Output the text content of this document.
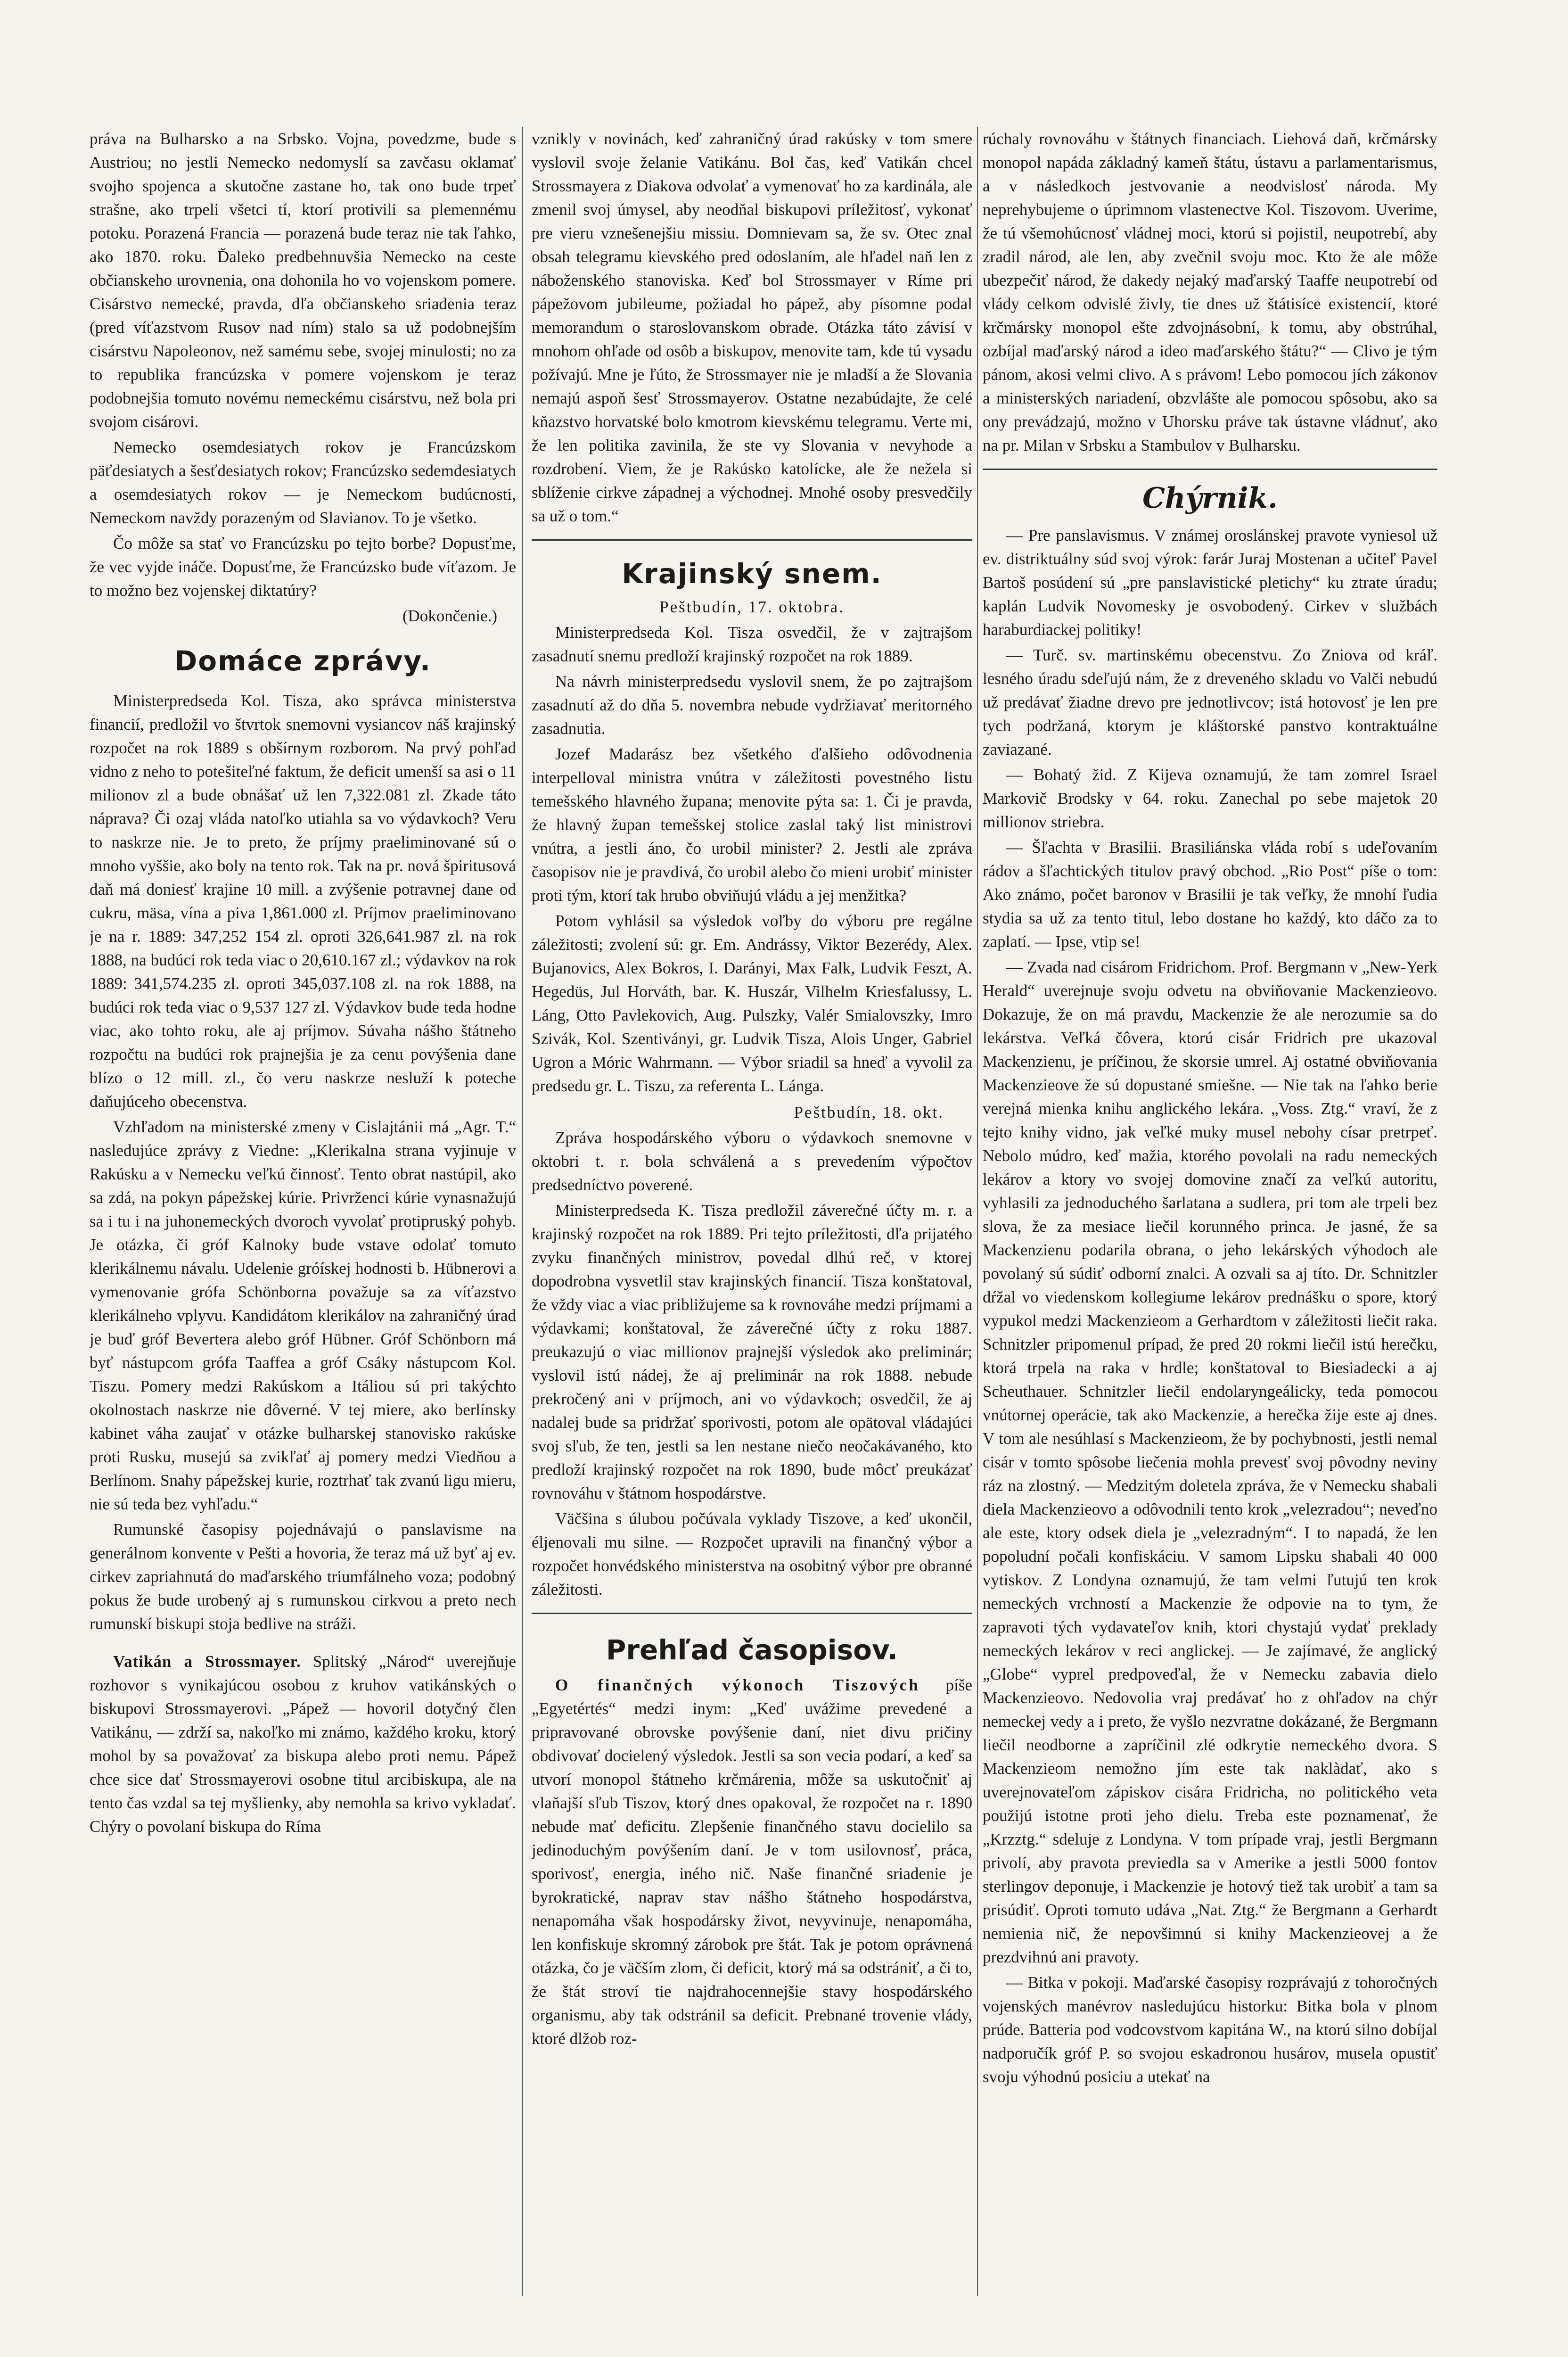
práva na Bulharsko a na Srbsko. Vojna, povedzme, bude s Austriou; no jestli Nemecko nedomyslí sa zavčasu oklamať svojho spojenca a skutočne zastane ho, tak ono bude trpeť strašne, ako trpeli všetci tí, ktorí protivili sa plemennému potoku. Porazená Francia — porazená bude teraz nie tak ľahko, ako 1870. roku. Ďaleko predbehnuvšia Nemecko na ceste občianskeho urovnenia, ona dohonila ho vo vojenskom pomere. Cisárstvo nemecké, pravda, dľa občianskeho sriadenia teraz (pred víťazstvom Rusov nad ním) stalo sa už podobnejším cisárstvu Napoleonov, než samému sebe, svojej minulosti; no za to republika francúzska v pomere vojenskom je teraz podobnejšia tomuto novému nemeckému cisárstvu, než bola pri svojom cisárovi.

Nemecko osemdesiatych rokov je Francúzskom päťdesiatych a šesťdesiatych rokov; Francúzsko sedemdesiatych a osemdesiatych rokov — je Nemeckom budúcnosti, Nemeckom navždy porazeným od Slavianov. To je všetko.

Čo môže sa stať vo Francúzsku po tejto borbe? Dopusťme, že vec vyjde ináče. Dopusťme, že Francúzsko bude víťazom. Je to možno bez vojenskej diktatúry?

(Dokončenie.)

Domáce zprávy.

Ministerpredseda Kol. Tisza, ako správca ministerstva financií, predložil vo štvrtok snemovni vysiancov náš krajinský rozpočet na rok 1889 s obšírnym rozborom. Na prvý pohľad vidno z neho to potešiteľné faktum, že deficit umenší sa asi o 11 milionov zl a bude obnášať už len 7,322.081 zl. Zkade táto náprava? Či ozaj vláda natoľko utiahla sa vo výdavkoch? Veru to naskrze nie. Je to preto, že príjmy praeliminované sú o mnoho vyššie, ako boly na tento rok. Tak na pr. nová špiritusová daň má doniesť krajine 10 mill. a zvýšenie potravnej dane od cukru, mäsa, vína a piva 1,861.000 zl. Príjmov praeliminovano je na r. 1889: 347,252 154 zl. oproti 326,641.987 zl. na rok 1888, na budúci rok teda viac o 20,610.167 zl.; výdavkov na rok 1889: 341,574.235 zl. oproti 345,037.108 zl. na rok 1888, na budúci rok teda viac o 9,537 127 zl. Výdavkov bude teda hodne viac, ako tohto roku, ale aj príjmov. Súvaha nášho štátneho rozpočtu na budúci rok prajnejšia je za cenu povýšenia dane blízo o 12 mill. zl., čo veru naskrze nesluží k poteche daňujúceho obecenstva.

Vzhľadom na ministerské zmeny v Cislajtánii má „Agr. T.“ nasledujúce zprávy z Viedne: „Klerikalna strana vyjinuje v Rakúsku a v Nemecku veľkú činnosť. Tento obrat nastúpil, ako sa zdá, na pokyn pápežskej kúrie. Privrženci kúrie vynasnažujú sa i tu i na juhonemeckých dvoroch vyvolať protipruský pohyb. Je otázka, či gróf Kalnoky bude vstave odolať tomuto klerikálnemu návalu. Udelenie gróískej hodnosti b. Hübnerovi a vymenovanie grófa Schönborna považuje sa za víťazstvo klerikálneho vplyvu. Kandidátom klerikálov na zahraničný úrad je buď gróf Bevertera alebo gróf Hübner. Gróf Schönborn má byť nástupcom grófa Taaffea a gróf Csáky nástupcom Kol. Tiszu. Pomery medzi Rakúskom a Itáliou sú pri takýchto okolnostach naskrze nie dôverné. V tej miere, ako berlínsky kabinet váha zaujať v otázke bulharskej stanovisko rakúske proti Rusku, musejú sa zvikľať aj pomery medzi Viedňou a Berlínom. Snahy pápežskej kurie, roztrhať tak zvanú ligu mieru, nie sú teda bez vyhľadu.“

Rumunské časopisy pojednávajú o panslavisme na generálnom konvente v Pešti a hovoria, že teraz má už byť aj ev. cirkev zapriahnutá do maďarského triumfálneho voza; podobný pokus že bude urobený aj s rumunskou cirkvou a preto nech rumunskí biskupi stoja bedlive na stráži.

Vatikán a Strossmayer. Splitský „Národ“ uverejňuje rozhovor s vynikajúcou osobou z kruhov vatikánských o biskupovi Strossmayerovi. „Pápež — hovoril dotyčný člen Vatikánu, — zdrží sa, nakoľko mi známo, každého kroku, ktorý mohol by sa považovať za biskupa alebo proti nemu. Pápež chce sice dať Strossmayerovi osobne titul arcibiskupa, ale na tento čas vzdal sa tej myšlienky, aby nemohla sa krivo vykladať. Chýry o povolaní biskupa do Ríma

vznikly v novinách, keď zahraničný úrad rakúsky v tom smere vyslovil svoje želanie Vatikánu. Bol čas, keď Vatikán chcel Strossmayera z Diakova odvolať a vymenovať ho za kardinála, ale zmenil svoj úmysel, aby neodňal biskupovi príležitosť, vykonať pre vieru vznešenejšiu missiu. Domnievam sa, že sv. Otec znal obsah telegramu kievského pred odoslaním, ale hľadel naň len z náboženského stanoviska. Keď bol Strossmayer v Ríme pri pápežovom jubileume, požiadal ho pápež, aby písomne podal memorandum o staroslovanskom obrade. Otázka táto závisí v mnohom ohľade od osôb a biskupov, menovite tam, kde tú vysadu požívajú. Mne je ľúto, že Strossmayer nie je mladší a že Slovania nemajú aspoň šesť Strossmayerov. Ostatne nezabúdajte, že celé kňazstvo horvatské bolo kmotrom kievskému telegramu. Verte mi, že len politika zavinila, že ste vy Slovania v nevyhode a rozdrobení. Viem, že je Rakúsko katolícke, ale že nežela si sblíženie cirkve západnej a východnej. Mnohé osoby presvedčily sa už o tom.“

Krajinský snem.
Peštbudín, 17. oktobra.

Ministerpredseda Kol. Tisza osvedčil, že v zajtrajšom zasadnutí snemu predloží krajinský rozpočet na rok 1889.

Na návrh ministerpredsedu vyslovil snem, že po zajtrajšom zasadnutí až do dňa 5. novembra nebude vydržiavať meritorného zasadnutia.

Jozef Madarász bez všetkého ďalšieho odôvodnenia interpelloval ministra vnútra v záležitosti povestného listu temešského hlavného župana; menovite pýta sa: 1. Či je pravda, že hlavný župan temešskej stolice zaslal taký list ministrovi vnútra, a jestli áno, čo urobil minister? 2. Jestli ale zpráva časopisov nie je pravdivá, čo urobil alebo čo mieni urobiť minister proti tým, ktorí tak hrubo obviňujú vládu a jej menžitka?

Potom vyhlásil sa výsledok voľby do výboru pre regálne záležitosti; zvolení sú: gr. Em. Andrássy, Viktor Bezerédy, Alex. Bujanovics, Alex Bokros, I. Darányi, Max Falk, Ludvik Feszt, A. Hegedüs, Jul Horváth, bar. K. Huszár, Vilhelm Kriesfalussy, L. Láng, Otto Pavlekovich, Aug. Pulszky, Valér Smialovszky, Imro Szivák, Kol. Szentiványi, gr. Ludvik Tisza, Alois Unger, Gabriel Ugron a Móric Wahrmann. — Výbor sriadil sa hneď a vyvolil za predsedu gr. L. Tiszu, za referenta L. Lánga.

Peštbudín, 18. okt.

Zpráva hospodárského výboru o výdavkoch snemovne v oktobri t. r. bola schválená a s prevedením výpočtov predsedníctvo poverené.

Ministerpredseda K. Tisza predložil záverečné účty m. r. a krajinský rozpočet na rok 1889. Pri tejto príležitosti, dľa prijatého zvyku finančných ministrov, povedal dlhú reč, v ktorej dopodrobna vysvetlil stav krajinských financií. Tisza konštatoval, že vždy viac a viac približujeme sa k rovnováhe medzi príjmami a výdavkami; konštatoval, že záverečné účty z roku 1887. preukazujú o viac millionov prajnejší výsledok ako preliminár; vyslovil istú nádej, že aj preliminár na rok 1888. nebude prekročený ani v príjmoch, ani vo výdavkoch; osvedčil, že aj nadalej bude sa pridržať sporivosti, potom ale opätoval vládajúci svoj sľub, že ten, jestli sa len nestane niečo neočakávaného, kto predloží krajinský rozpočet na rok 1890, bude môcť preukázať rovnováhu v štátnom hospodárstve.

Väčšina s úlubou počúvala vyklady Tiszove, a keď ukončil, éljenovali mu silne. — Rozpočet upravili na finančný výbor a rozpočet honvédského ministerstva na osobitný výbor pre obranné záležitosti.

Prehľad časopisov.

O finančných výkonoch Tiszových píše „Egyetértés“ medzi inym: „Keď uvážime prevedené a pripravované obrovske povýšenie daní, niet divu pričiny obdivovať docielený výsledok. Jestli sa son vecia podarí, a keď sa utvorí monopol štátneho krčmárenia, môže sa uskutočniť aj vlaňajší sľub Tiszov, ktorý dnes opakoval, že rozpočet na r. 1890 nebude mať deficitu. Zlepšenie finančného stavu docielilo sa jedinoduchým povýšením daní. Je v tom usilovnosť, práca, sporivosť, energia, iného nič. Naše finančné sriadenie je byrokratické, naprav stav nášho štátneho hospodárstva, nenapomáha však hospodársky život, nevyvinuje, nenapomáha, len konfiskuje skromný zárobok pre štát. Tak je potom oprávnená otázka, čo je väčším zlom, či deficit, ktorý má sa odstrániť, a či to, že štát stroví tie najdrahocennejšie stavy hospodárského organismu, aby tak odstránil sa deficit. Prebnané trovenie vlády, ktoré dlžob roz-

rúchaly rovnováhu v štátnych financiach. Liehová daň, krčmársky monopol napáda základný kameň štátu, ústavu a parlamentarismus, a v následkoch jestvovanie a neodvislosť národa. My neprehybujeme o úprimnom vlastenectve Kol. Tiszovom. Uverime, že tú všemohúcnosť vládnej moci, ktorú si pojistil, neupotrebí, aby zradil národ, ale len, aby zvečnil svoju moc. Kto že ale môže ubezpečiť národ, že dakedy nejaký maďarský Taaffe neupotrebí od vlády celkom odvislé živly, tie dnes už štátisíce existencií, ktoré krčmársky monopol ešte zdvojnásobní, k tomu, aby obstrúhal, ozbíjal maďarský národ a ideo maďarského štátu?“ — Clivo je tým pánom, akosi velmi clivo. A s právom! Lebo pomocou jích zákonov a ministerských nariadení, obzvlášte ale pomocou spôsobu, ako sa ony prevádzajú, možno v Uhorsku práve tak ústavne vládnuť, ako na pr. Milan v Srbsku a Stambulov v Bulharsku.

Chýrnik.

— Pre panslavismus. V známej oroslánskej pravote vyniesol už ev. distriktuálny súd svoj výrok: farár Juraj Mostenan a učiteľ Pavel Bartoš posúdení sú „pre panslavistické pletichy“ ku ztrate úradu; kaplán Ludvik Novomesky je osvobodený. Cirkev v službách haraburdiackej politiky!

— Turč. sv. martinskému obecenstvu. Zo Zniova od kráľ. lesného úradu sdeľujú nám, že z dreveného skladu vo Valči nebudú už predávať žiadne drevo pre jednotlivcov; istá hotovosť je len pre tych podržaná, ktorym je kláštorské panstvo kontraktuálne zaviazané.

— Bohatý žid. Z Kijeva oznamujú, že tam zomrel Israel Markovič Brodsky v 64. roku. Zanechal po sebe majetok 20 millionov striebra.

— Šľachta v Brasilii. Brasiliánska vláda robí s udeľovaním rádov a šľachtických titulov pravý obchod. „Rio Post“ píše o tom: Ako známo, počet baronov v Brasilii je tak veľky, že mnohí ľudia stydia sa už za tento titul, lebo dostane ho každý, kto dáčo za to zaplatí. — Ipse, vtip se!

— Zvada nad cisárom Fridrichom. Prof. Bergmann v „New-Yerk Herald“ uverejnuje svoju odvetu na obviňovanie Mackenzieovo. Dokazuje, že on má pravdu, Mackenzie že ale nerozumie sa do lekárstva. Veľká čôvera, ktorú cisár Fridrich pre ukazoval Mackenzienu, je príčinou, že skorsie umrel. Aj ostatné obviňovania Mackenzieove že sú dopustané smiešne. — Nie tak na ľahko berie verejná mienka knihu anglického lekára. „Voss. Ztg.“ vraví, že z tejto knihy vidno, jak veľké muky musel nebohy císar pretrpeť. Nebolo múdro, keď mažia, ktorého povolali na radu nemeckých lekárov a ktory vo svojej domovine značí za veľkú autoritu, vyhlasili za jednoduchého šarlatana a sudlera, pri tom ale trpeli bez slova, že za mesiace liečil korunného princa. Je jasné, že sa Mackenzienu podarila obrana, o jeho lekárských výhodoch ale povolaný sú súdiť odborní znalci. A ozvali sa aj títo. Dr. Schnitzler dŕžal vo viedenskom kollegiume lekárov prednášku o spore, ktorý vypukol medzi Mackenzieom a Gerhardtom v záležitosti liečit raka. Schnitzler pripomenul prípad, že pred 20 rokmi liečil istú herečku, ktorá trpela na raka v hrdle; konštatoval to Biesiadecki a aj Scheuthauer. Schnitzler liečil endolaryngeálicky, teda pomocou vnútornej operácie, tak ako Mackenzie, a herečka žije este aj dnes. V tom ale nesúhlasí s Mackenzieom, že by pochybnosti, jestli nemal cisár v tomto spôsobe liečenia mohla prevesť svoj pôvodny neviny ráz na zlostný. — Medzitým doletela zpráva, že v Nemecku shabali diela Mackenzieovo a odôvodnili tento krok „velezradou“; neveďno ale este, ktory odsek diela je „velezradným“. I to napadá, že len popoludní počali konfiskáciu. V samom Lipsku shabali 40 000 vytiskov. Z Londyna oznamujú, že tam velmi ľutujú ten krok nemeckých vrchností a Mackenzie že odpovie na to tym, že zapravoti tých vydavateľov knih, ktori chystajú vydať preklady nemeckých lekárov v reci anglickej. — Je zajímavé, že anglický „Globe“ vyprel predpoveďal, že v Nemecku zabavia dielo Mackenzieovo. Nedovolia vraj predávať ho z ohľadov na chýr nemeckej vedy a i preto, že vyšlo nezvratne dokázané, že Bergmann liečil neodborne a zapríčinil zlé odkrytie nemeckého dvora. S Mackenzieom nemožno jím este tak naklàdať, ako s uverejnovateľom zápiskov cisára Fridricha, no politického veta použijú istotne proti jeho dielu. Treba este poznamenať, že „Krzztg.“ sdeluje z Londyna. V tom prípade vraj, jestli Bergmann privolí, aby pravota previedla sa v Amerike a jestli 5000 fontov sterlingov deponuje, i Mackenzie je hotový tiež tak urobiť a tam sa prisúdiť. Oproti tomuto udáva „Nat. Ztg.“ že Bergmann a Gerhardt nemienia nič, že nepovšimnú si knihy Mackenzieovej a že prezdvihnú ani pravoty.

— Bitka v pokoji. Maďarské časopisy rozprávajú z tohoročných vojenských manévrov nasledujúcu historku: Bitka bola v plnom prúde. Batteria pod vodcovstvom kapitána W., na ktorú silno dobíjal nadporučík gróf P. so svojou eskadronou husárov, musela opustiť svoju výhodnú posiciu a utekať na
